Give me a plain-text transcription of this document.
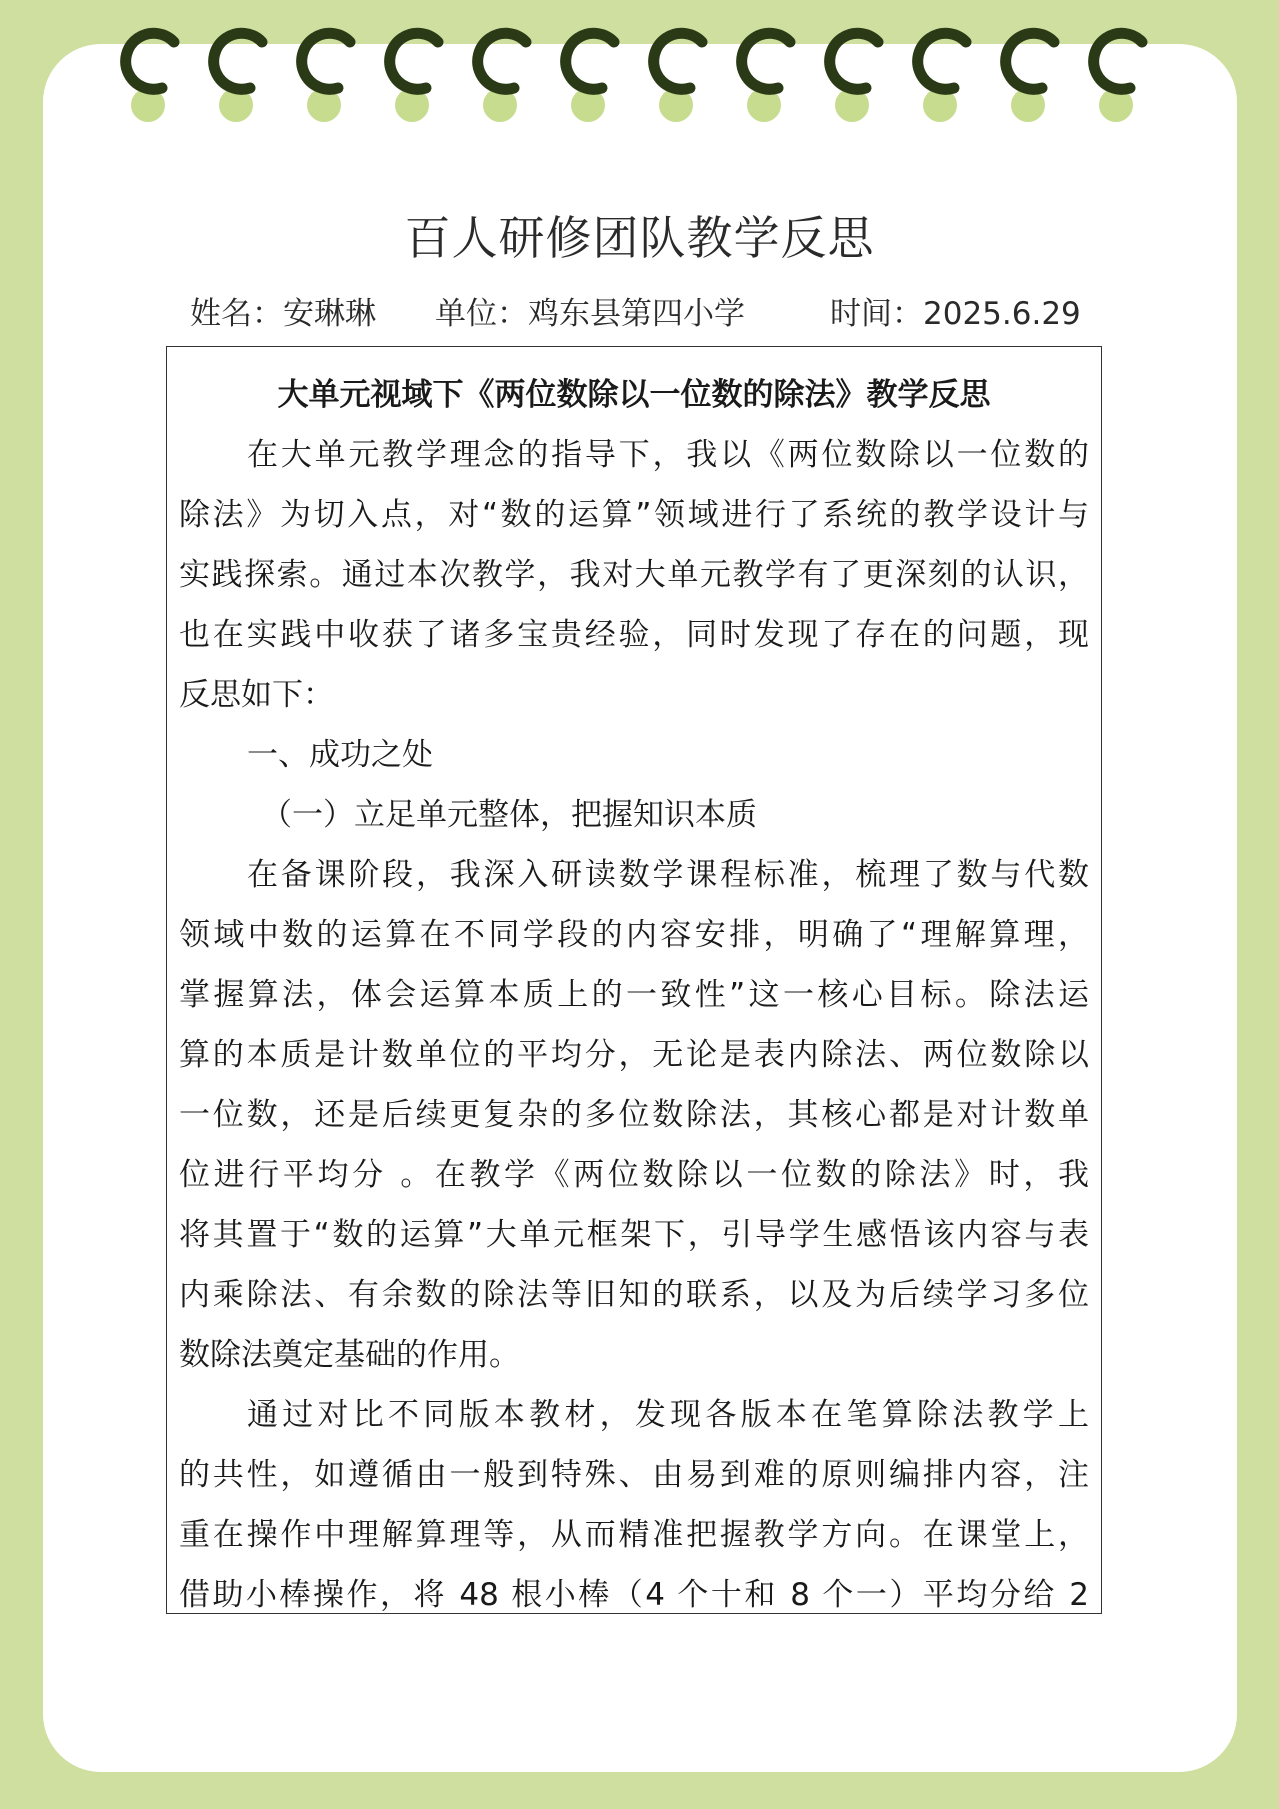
百人研修团队教学反思
姓名：安琳琳 单位：鸡东县第四小学	时间：2025.6.29
大单元视域下《两位数除以一位数的除法》教学反思
在大单元教学理念的指导下，我以《两位数除以一位数的
除法》为切入点，对“数的运算”领域进行了系统的教学设计与
实践探索。通过本次教学，我对大单元教学有了更深刻的认识，
也在实践中收获了诸多宝贵经验，同时发现了存在的问题，现
反思如下：
一、成功之处
（一）立足单元整体，把握知识本质
在备课阶段，我深入研读数学课程标准，梳理了数与代数
领域中数的运算在不同学段的内容安排，明确了“理解算理，
掌握算法，体会运算本质上的一致性”这一核心目标。除法运
算的本质是计数单位的平均分，无论是表内除法、两位数除以
一位数，还是后续更复杂的多位数除法，其核心都是对计数单
位进行平均分 。在教学《两位数除以一位数的除法》时，我
将其置于“数的运算”大单元框架下，引导学生感悟该内容与表
内乘除法、有余数的除法等旧知的联系，以及为后续学习多位
数除法奠定基础的作用。
通过对比不同版本教材，发现各版本在笔算除法教学上
的共性，如遵循由一般到特殊、由易到难的原则编排内容，注
重在操作中理解算理等，从而精准把握教学方向。在课堂上，
借助小棒操作，将 48 根小棒（4 个十和 8 个一）平均分给 2
